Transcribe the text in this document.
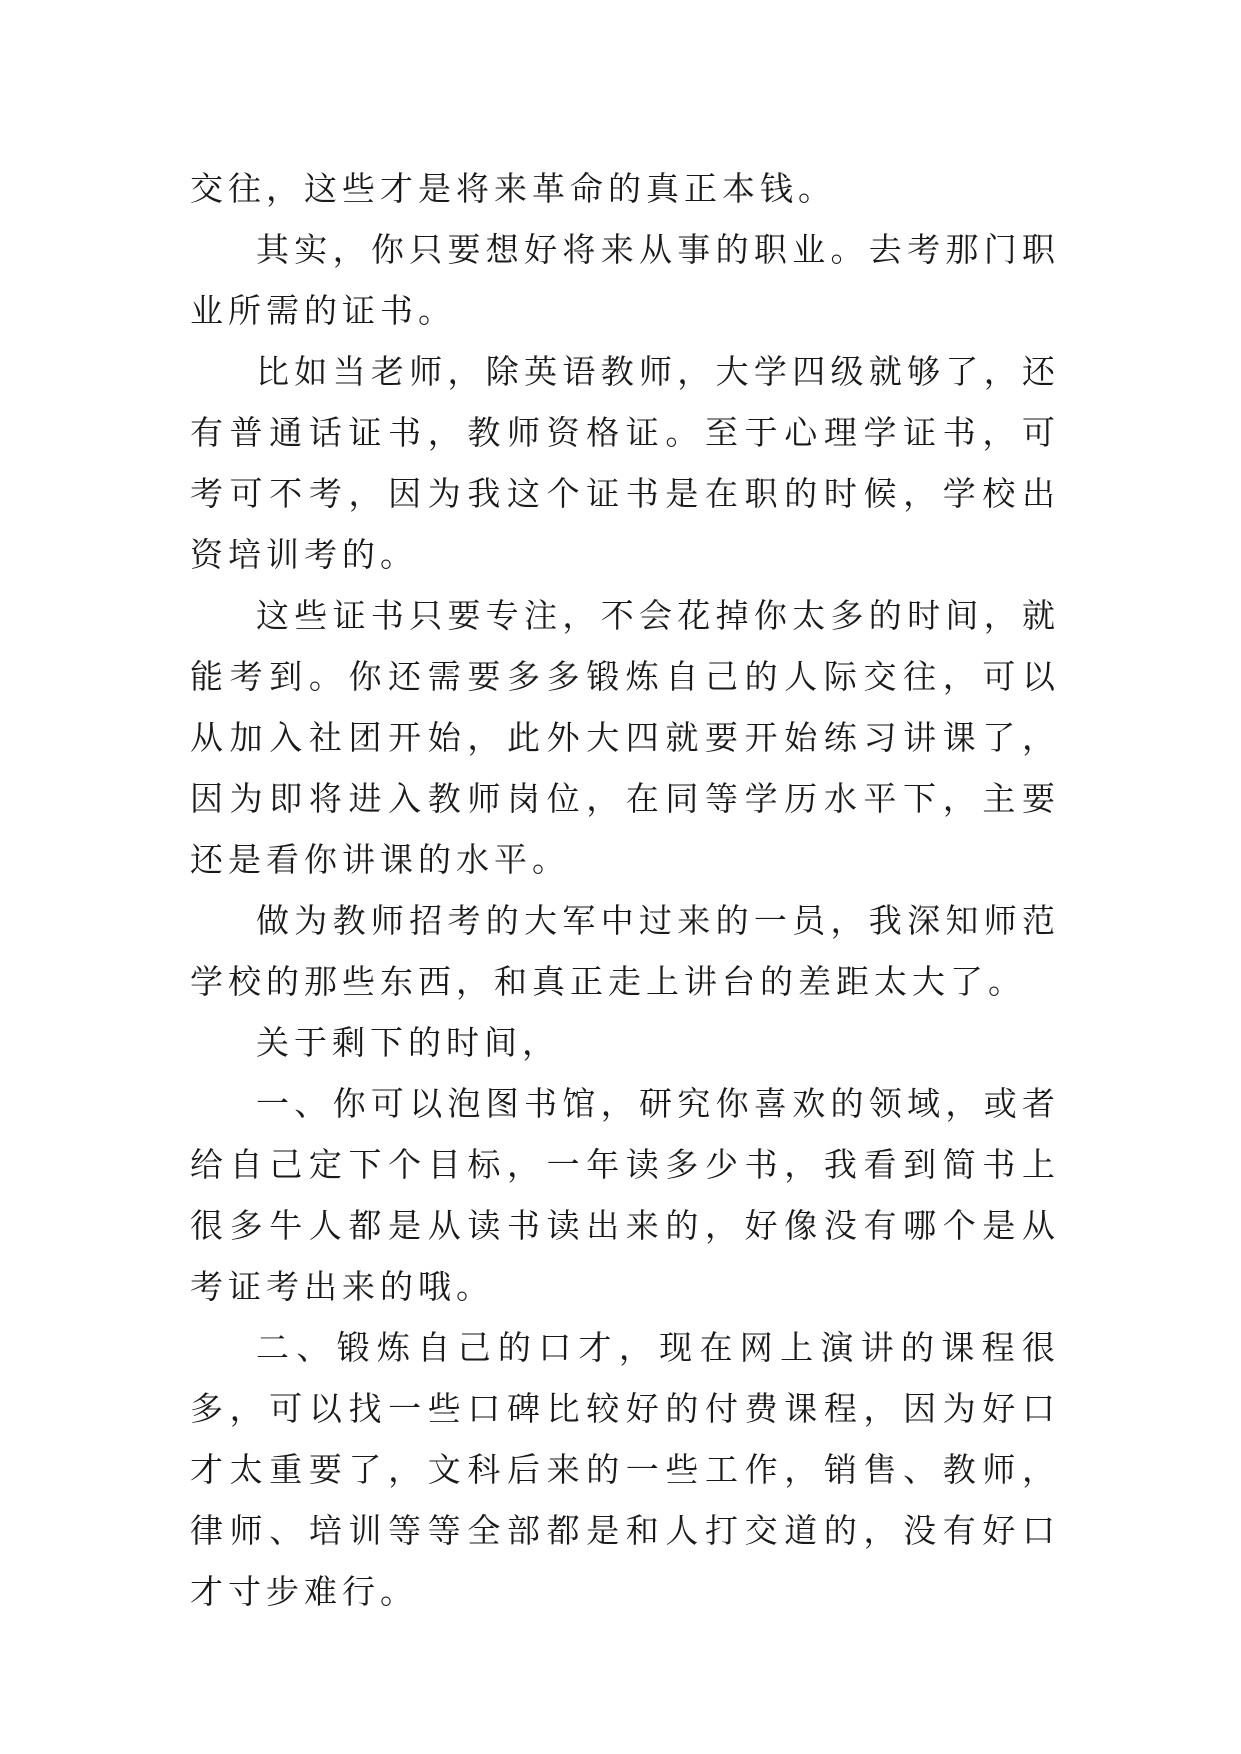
交往，这些才是将来革命的真正本钱。

其实，你只要想好将来从事的职业。去考那门职业所需的证书。

比如当老师，除英语教师，大学四级就够了，还有普通话证书，教师资格证。至于心理学证书，可考可不考，因为我这个证书是在职的时候，学校出资培训考的。

这些证书只要专注，不会花掉你太多的时间，就能考到。你还需要多多锻炼自己的人际交往，可以从加入社团开始，此外大四就要开始练习讲课了，因为即将进入教师岗位，在同等学历水平下，主要还是看你讲课的水平。

做为教师招考的大军中过来的一员，我深知师范学校的那些东西，和真正走上讲台的差距太大了。

关于剩下的时间，

一、你可以泡图书馆，研究你喜欢的领域，或者给自己定下个目标，一年读多少书，我看到简书上很多牛人都是从读书读出来的，好像没有哪个是从考证考出来的哦。

二、锻炼自己的口才，现在网上演讲的课程很多，可以找一些口碑比较好的付费课程，因为好口才太重要了，文科后来的一些工作，销售、教师，律师、培训等等全部都是和人打交道的，没有好口才寸步难行。
